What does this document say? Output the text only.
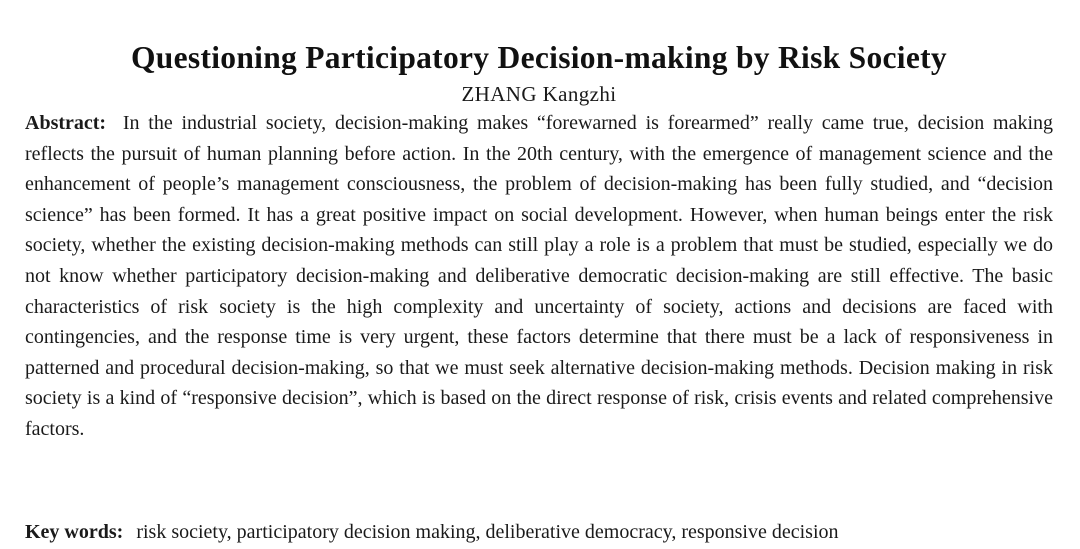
Questioning Participatory Decision-making by Risk Society
ZHANG Kangzhi

Abstract: In the industrial society, decision-making makes “forewarned is forearmed” really came true, decision making reflects the pursuit of human planning before action. In the 20th century, with the emergence of management science and the enhancement of people’s management consciousness, the problem of decision-making has been fully studied, and “decision science” has been formed. It has a great positive impact on social development. However, when human beings enter the risk society, whether the existing decision-making methods can still play a role is a problem that must be studied, especially we do not know whether participatory decision-making and deliberative democratic decision-making are still effective. The basic characteristics of risk society is the high complexity and uncertainty of society, actions and decisions are faced with contingencies, and the response time is very urgent, these factors determine that there must be a lack of responsiveness in patterned and procedural decision-making, so that we must seek alternative decision-making methods. Decision making in risk society is a kind of “responsive decision”, which is based on the direct response of risk, crisis events and related comprehensive factors.

Key words: risk society, participatory decision making, deliberative democracy, responsive decision
